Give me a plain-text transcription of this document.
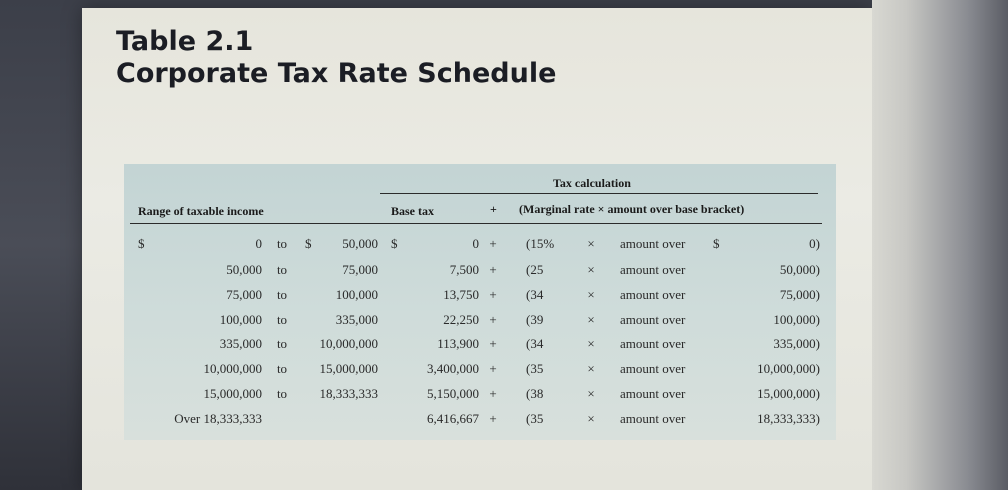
Table 2.1
Corporate Tax Rate Schedule
Tax calculation
Range of taxable income	Base tax	+ (Marginal rate × amount over base bracket)
$	0	to	$	50,000 $	0 +	(15%	×	amount over	$	0)
50,000	to	75,000	7,500 +	(25	×	amount over	50,000)
75,000	to	100,000	13,750 +	(34	×	amount over	75,000)
100,000	to	335,000	22,250 +	(39	×	amount over	100,000)
335,000	to	10,000,000	113,900 +	(34	×	amount over	335,000)
10,000,000	to	15,000,000	3,400,000 +	(35	×	amount over	10,000,000)
15,000,000	to	18,333,333	5,150,000 +	(38	×	amount over	15,000,000)
Over 18,333,333	6,416,667 +	(35	×	amount over	18,333,333)
